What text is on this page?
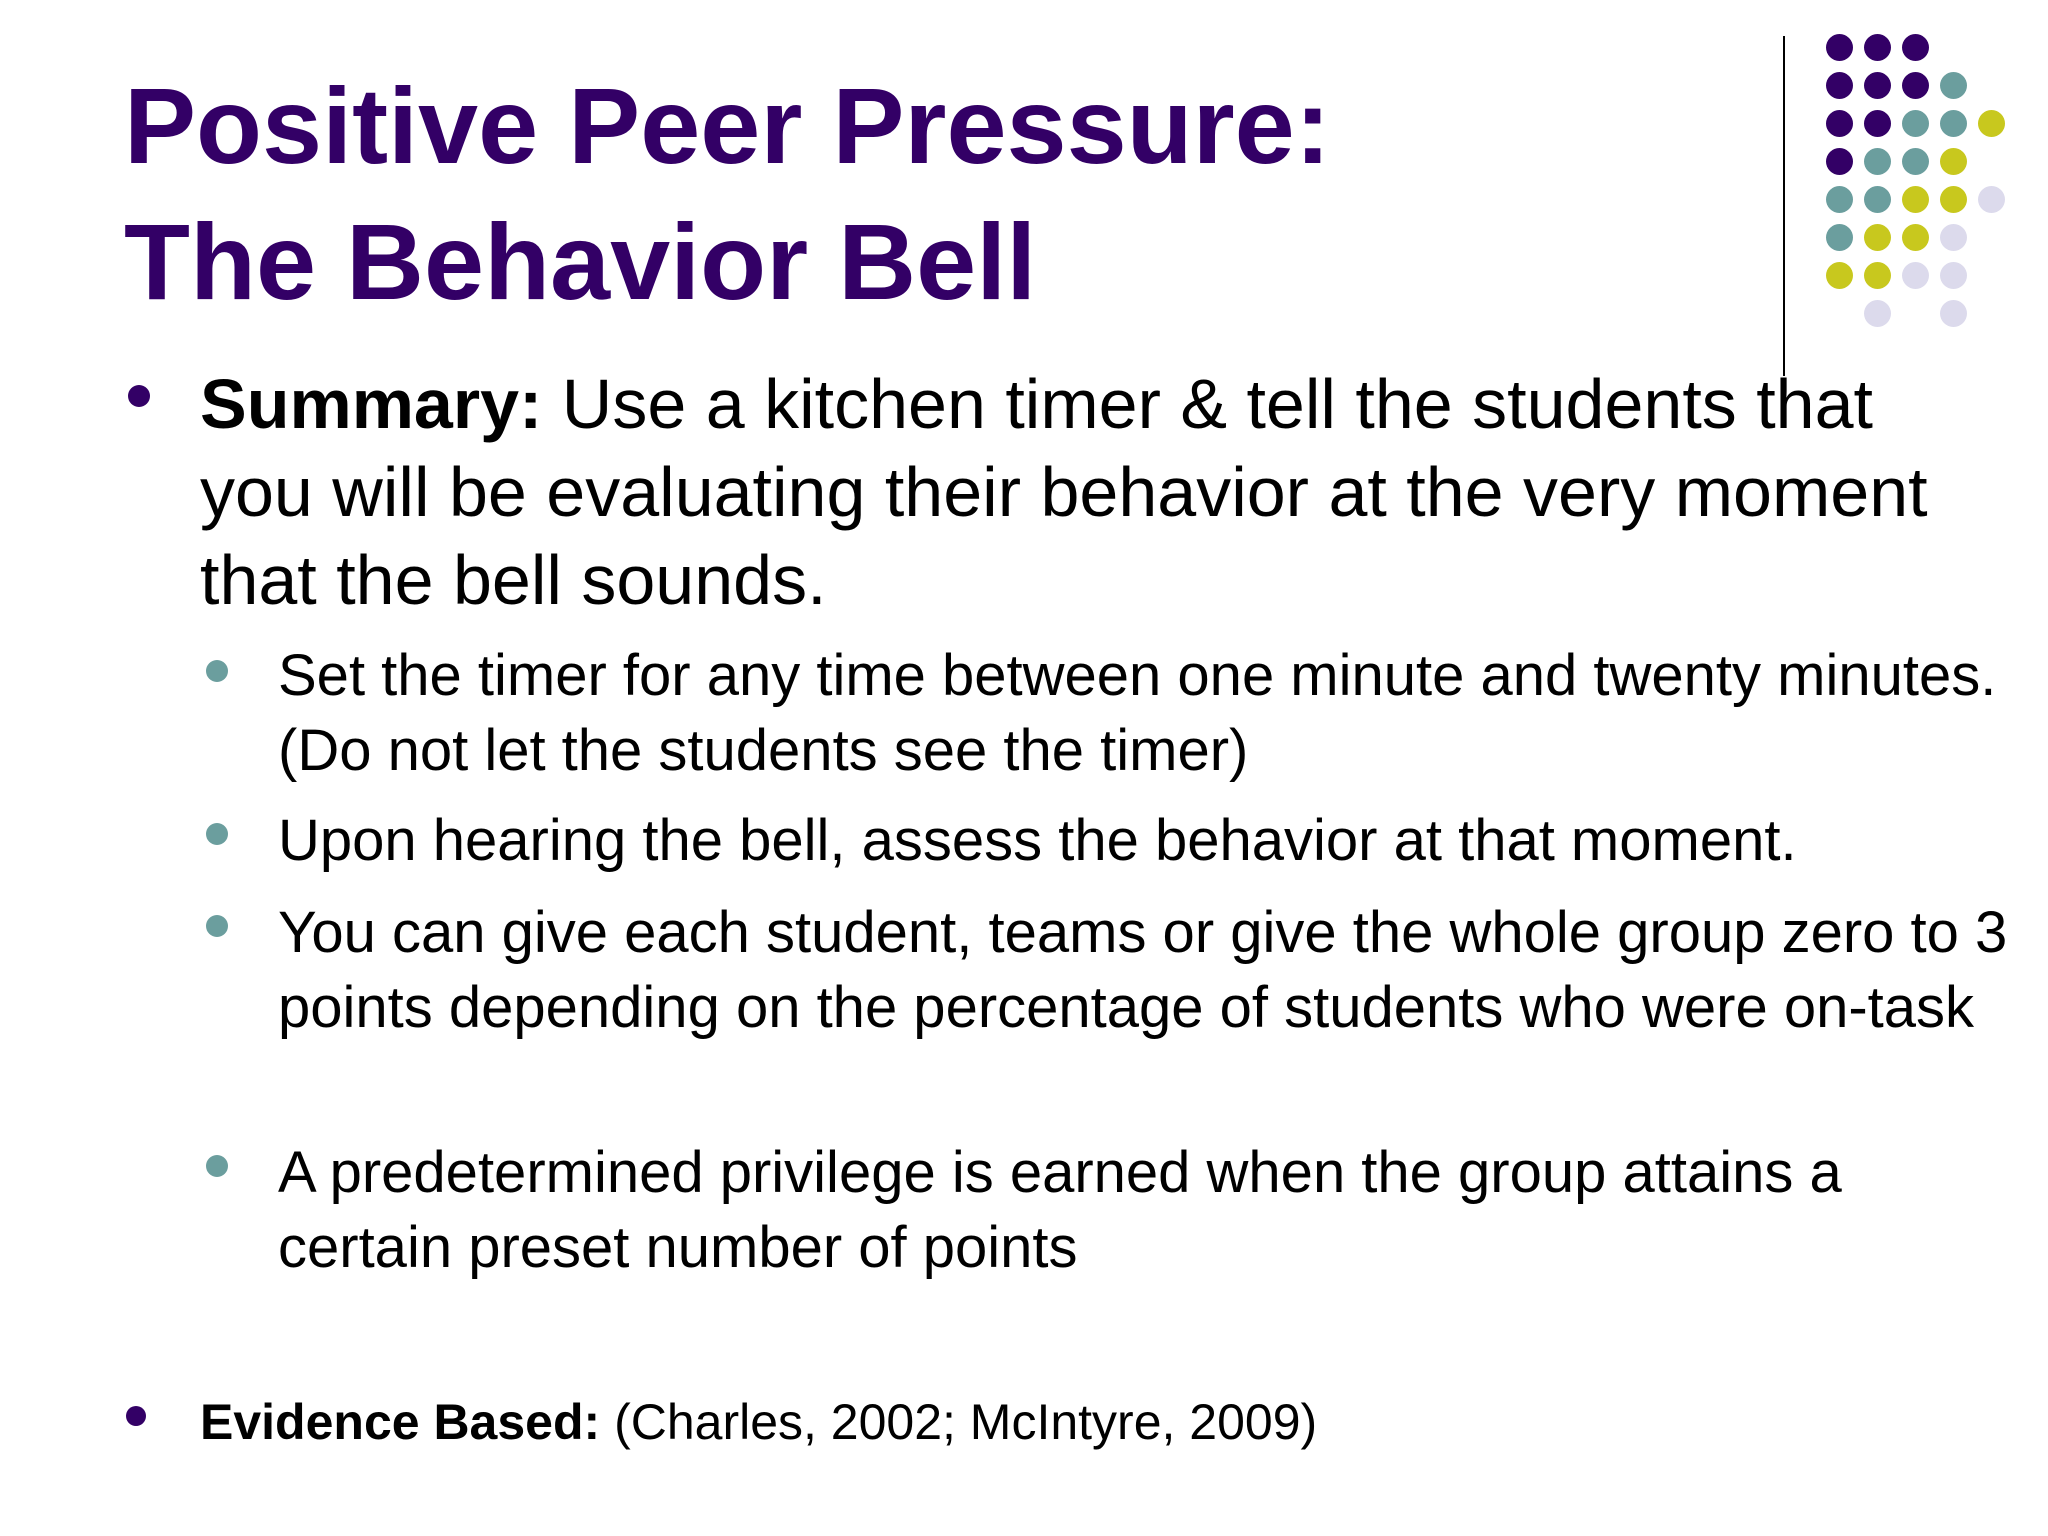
Positive Peer Pressure:
The Behavior Bell
Summary: Use a kitchen timer & tell the students that you will be evaluating their behavior at the very moment that the bell sounds.
Set the timer for any time between one minute and twenty minutes. (Do not let the students see the timer)
Upon hearing the bell, assess the behavior at that moment.
You can give each student, teams or give the whole group zero to 3 points depending on the percentage of students who were on-task
A predetermined privilege is earned when the group attains a certain preset number of points
Evidence Based: (Charles, 2002; McIntyre, 2009)
